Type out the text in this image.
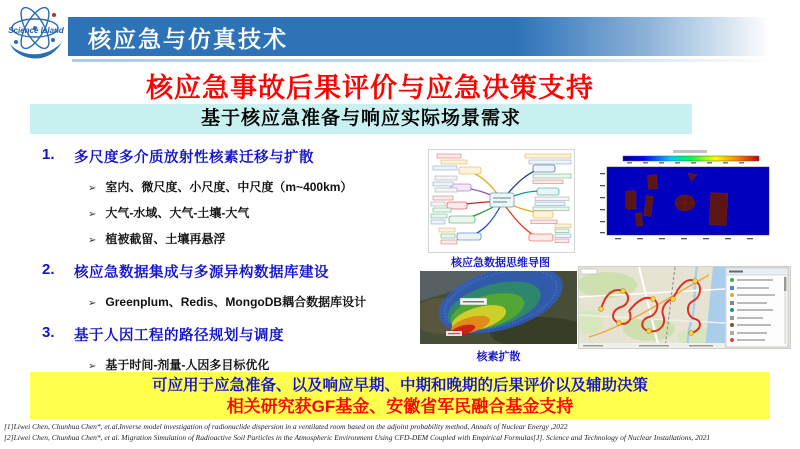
Science Island 核应急与仿真技术
核应急事故后果评价与应急决策支持
基于核应急准备与响应实际场景需求
1.	多尺度多介质放射性核素迁移与扩散
➢ 室内、微尺度、小尺度、中尺度（m~400km）
➢ 大气-水域、大气-土壤-大气
➢ 植被截留、土壤再悬浮
2.	核应急数据集成与多源异构数据库建设
➢ Greenplum、Redis、MongoDB耦合数据库设计
3.	基于人因工程的路径规划与调度
➢ 基于时间-剂量-人因多目标优化
核应急数据思维导图
核素扩散
可应用于应急准备、以及响应早期、中期和晚期的后果评价以及辅助决策
相关研究获GF基金、安徽省军民融合基金支持
[1]Liwei Chen, Chunhua Chen*, et.al,Inverse model investigation of radionuclide dispersion in a ventilated room based on the adjoint probability method, Annals of Nuclear Energy ,2022
[2]Liwei Chen, Chunhua Chen*, et al. Migration Simulation of Radioactive Soil Particles in the Atmospheric Environment Using CFD-DEM Coupled with Empirical Formulas[J]. Science and Technology of Nuclear Installations, 2021
